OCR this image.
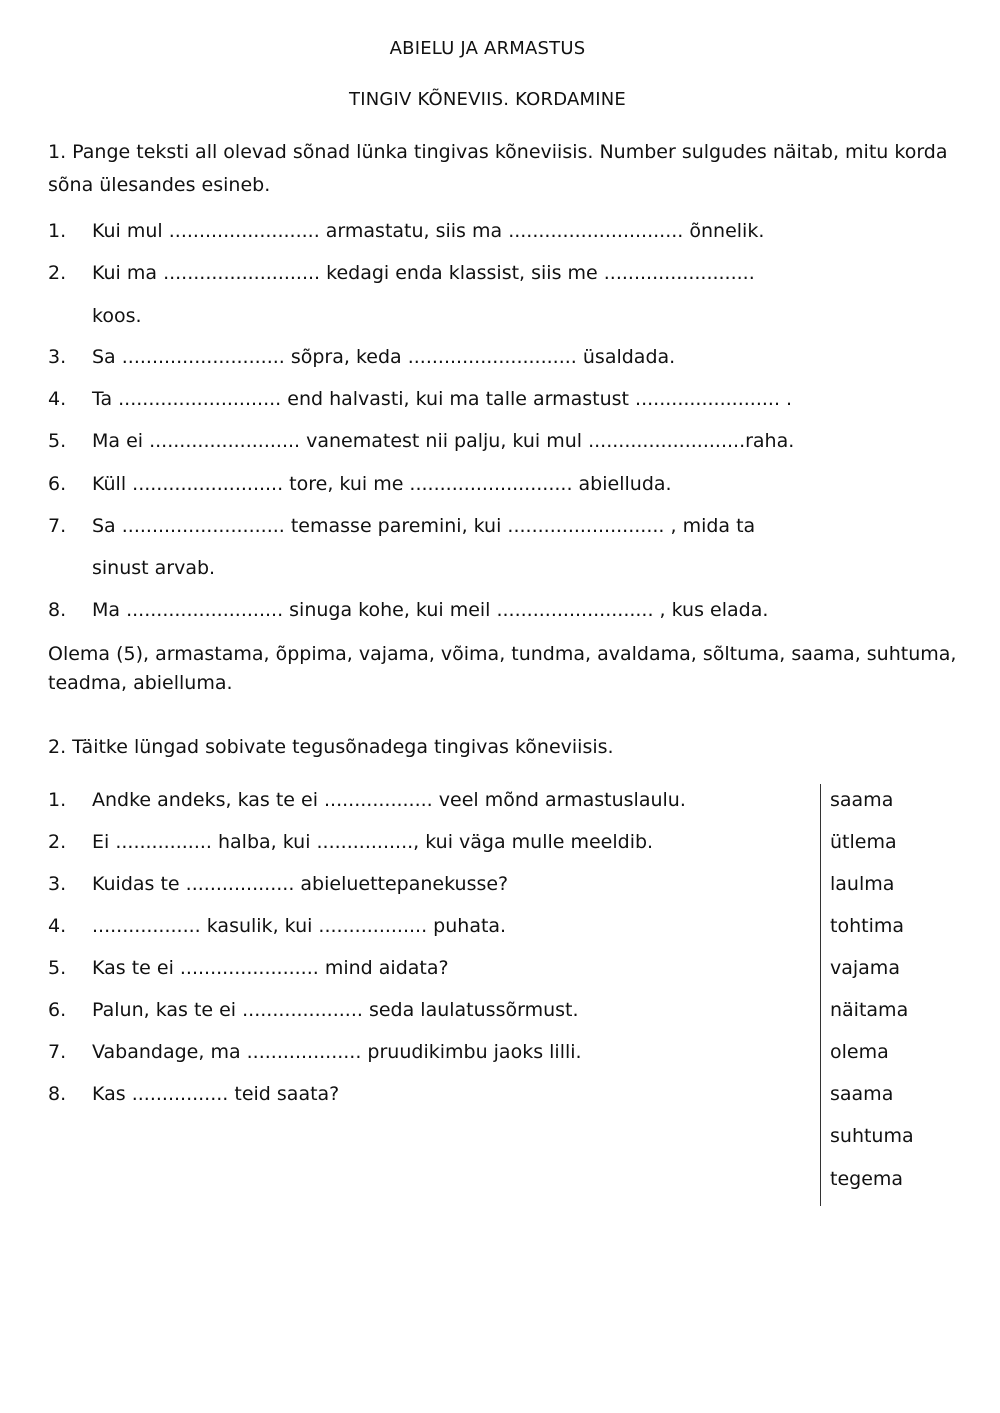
ABIELU JA ARMASTUS
TINGIV KÕNEVIIS. KORDAMINE
1. Pange teksti all olevad sõnad lünka tingivas kõneviisis. Number sulgudes näitab, mitu korda sõna ülesandes esineb.
1. Kui mul ......................... armastatu, siis ma ............................. õnnelik.
2. Kui ma .......................... kedagi enda klassist, siis me .........................
koos.
3. Sa ........................... sõpra, keda ............................ üsaldada.
4. Ta ........................... end halvasti, kui ma talle armastust ........................ .
5. Ma ei ......................... vanematest nii palju, kui mul ..........................raha.
6. Küll ......................... tore, kui me ........................... abielluda.
7. Sa ........................... temasse paremini, kui .......................... , mida ta
sinust arvab.
8. Ma .......................... sinuga kohe, kui meil .......................... , kus elada.
Olema (5), armastama, õppima, vajama, võima, tundma, avaldama, sõltuma, saama, suhtuma, teadma, abielluma.
2. Täitke lüngad sobivate tegusõnadega tingivas kõneviisis.
1. Andke andeks, kas te ei .................. veel mõnd armastuslaulu.
2. Ei ................ halba, kui ................, kui väga mulle meeldib.
3. Kuidas te .................. abieluettepanekusse?
4. .................. kasulik, kui .................. puhata.
5. Kas te ei ....................... mind aidata?
6. Palun, kas te ei .................... seda laulatussõrmust.
7. Vabandage, ma ................... pruudikimbu jaoks lilli.
8. Kas ................ teid saata?
saama
ütlema
laulma
tohtima
vajama
näitama
olema
saama
suhtuma
tegema
